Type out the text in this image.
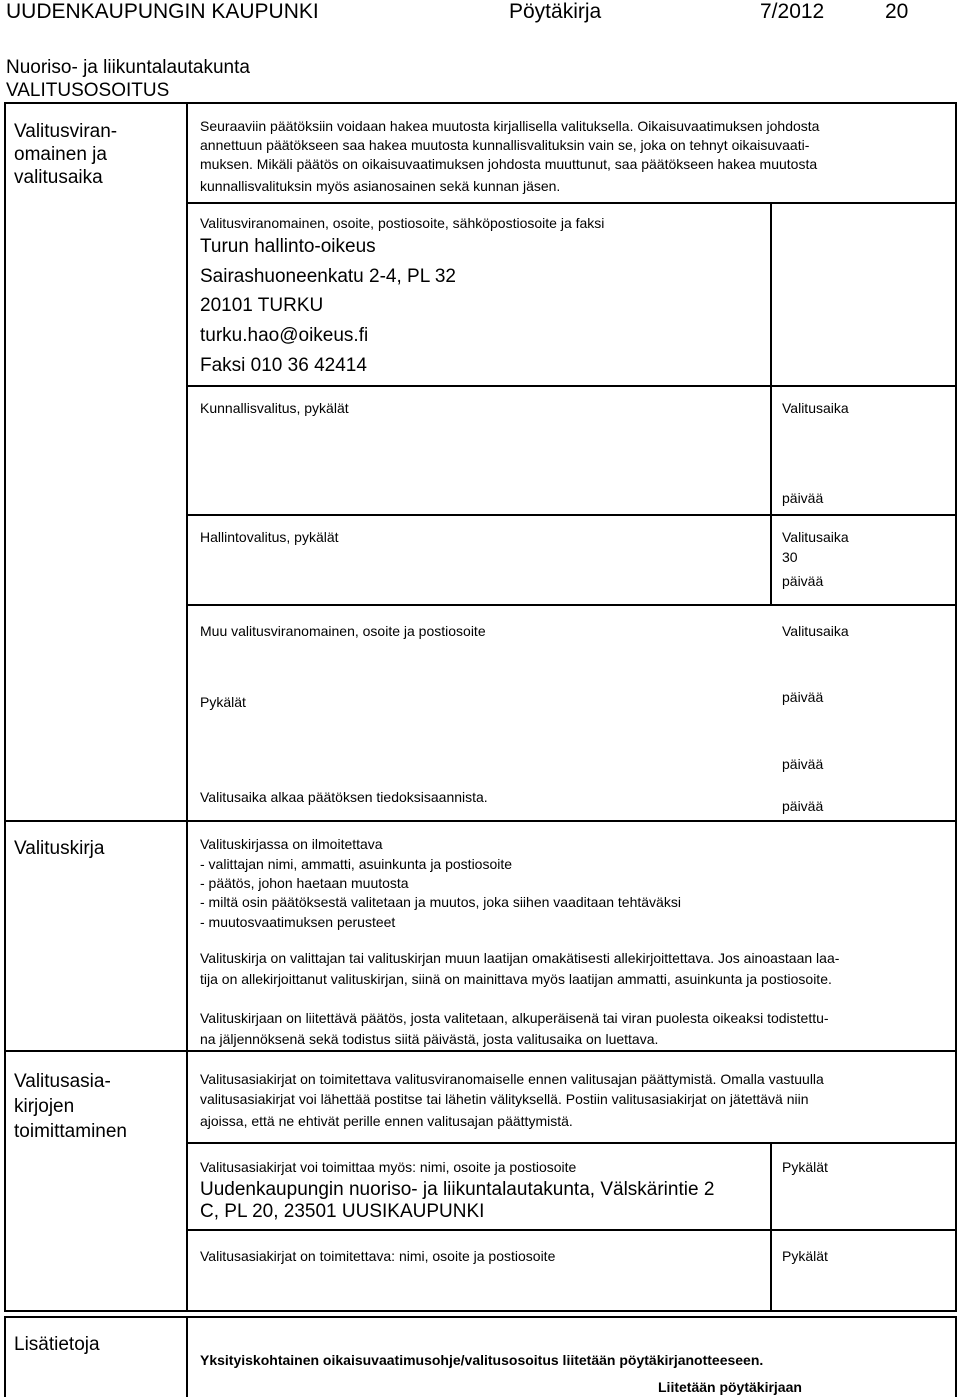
UUDENKAUPUNGIN KAUPUNKI	Pöytäkirja	7/2012	20
Nuoriso- ja liikuntalautakunta
VALITUSOSOITUS
Valitusviran-
omainen ja
valitusaika
Seuraaviin päätöksiin voidaan hakea muutosta kirjallisella valituksella. Oikaisuvaatimuksen johdosta
annettuun päätökseen saa hakea muutosta kunnallisvalituksin vain se, joka on tehnyt oikaisuvaati-
muksen. Mikäli päätös on oikaisuvaatimuksen johdosta muuttunut, saa päätökseen hakea muutosta
kunnallisvalituksin myös asianosainen sekä kunnan jäsen.
Valitusviranomainen, osoite, postiosoite, sähköpostiosoite ja faksi
Turun hallinto-oikeus
Sairashuoneenkatu 2-4, PL 32
20101 TURKU
turku.hao@oikeus.fi
Faksi 010 36 42414
Kunnallisvalitus, pykälät	Valitusaika
päivää
Hallintovalitus, pykälät	Valitusaika
30
päivää
Muu valitusviranomainen, osoite ja postiosoite	Valitusaika
Pykälät	päivää
päivää
Valitusaika alkaa päätöksen tiedoksisaannista.
päivää
Valituskirja	Valituskirjassa on ilmoitettava
- valittajan nimi, ammatti, asuinkunta ja postiosoite
- päätös, johon haetaan muutosta
- miltä osin päätöksestä valitetaan ja muutos, joka siihen vaaditaan tehtäväksi
- muutosvaatimuksen perusteet
Valituskirja on valittajan tai valituskirjan muun laatijan omakätisesti allekirjoittettava. Jos ainoastaan laa-
tija on allekirjoittanut valituskirjan, siinä on mainittava myös laatijan ammatti, asuinkunta ja postiosoite.
Valituskirjaan on liitettävä päätös, josta valitetaan, alkuperäisenä tai viran puolesta oikeaksi todistettu-
na jäljennöksenä sekä todistus siitä päivästä, josta valitusaika on luettava.
Valitusasia-
kirjojen
toimittaminen
Valitusasiakirjat on toimitettava valitusviranomaiselle ennen valitusajan päättymistä. Omalla vastuulla
valitusasiakirjat voi lähettää postitse tai lähetin välityksellä. Postiin valitusasiakirjat on jätettävä niin
ajoissa, että ne ehtivät perille ennen valitusajan päättymistä.
Valitusasiakirjat voi toimittaa myös: nimi, osoite ja postiosoite	Pykälät
Uudenkaupungin nuoriso- ja liikuntalautakunta, Välskärintie 2
C, PL 20, 23501 UUSIKAUPUNKI
Valitusasiakirjat on toimitettava: nimi, osoite ja postiosoite	Pykälät
Lisätietoja
Yksityiskohtainen oikaisuvaatimusohje/valitusosoitus liitetään pöytäkirjanotteeseen.
Liitetään pöytäkirjaan
